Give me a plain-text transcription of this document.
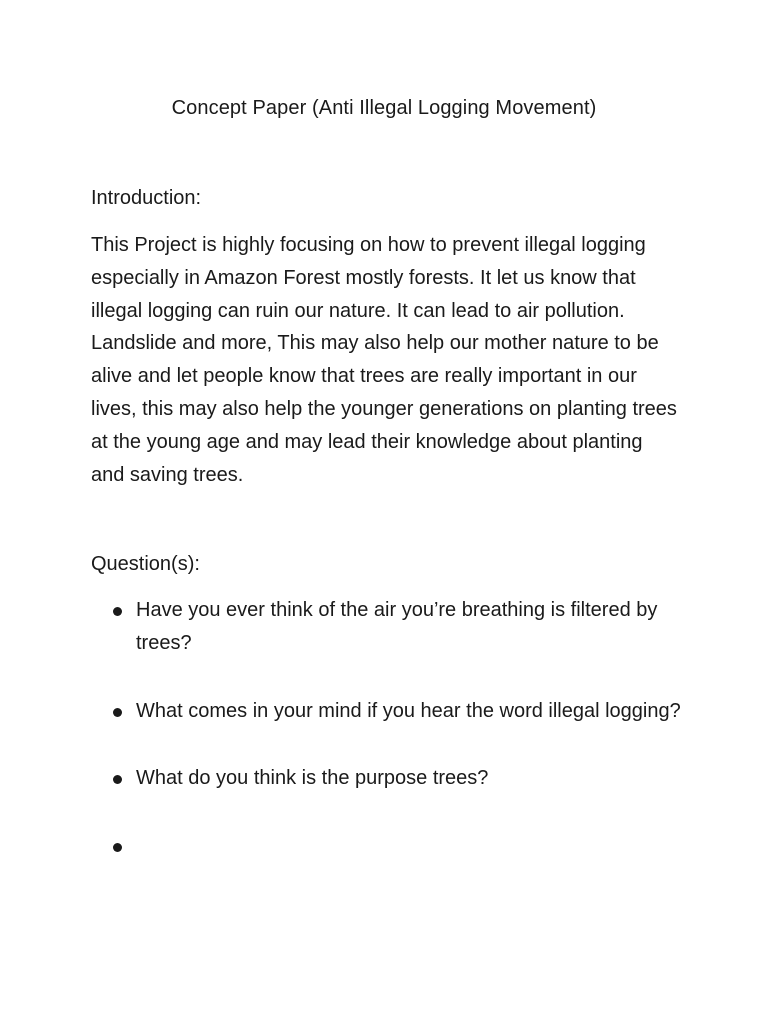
Concept Paper (Anti Illegal Logging Movement)
Introduction:
This Project is highly focusing on how to prevent illegal logging especially in Amazon Forest mostly forests. It let us know that illegal logging can ruin our nature. It can lead to air pollution. Landslide and more, This may also help our mother nature to be alive and let people know that trees are really important in our lives, this may also help the younger generations on planting trees at the young age and may lead their knowledge about planting and saving trees.
Question(s):
Have you ever think of the air you’re breathing is filtered by trees?
What comes in your mind if you hear the word illegal logging?
What do you think is the purpose trees?
